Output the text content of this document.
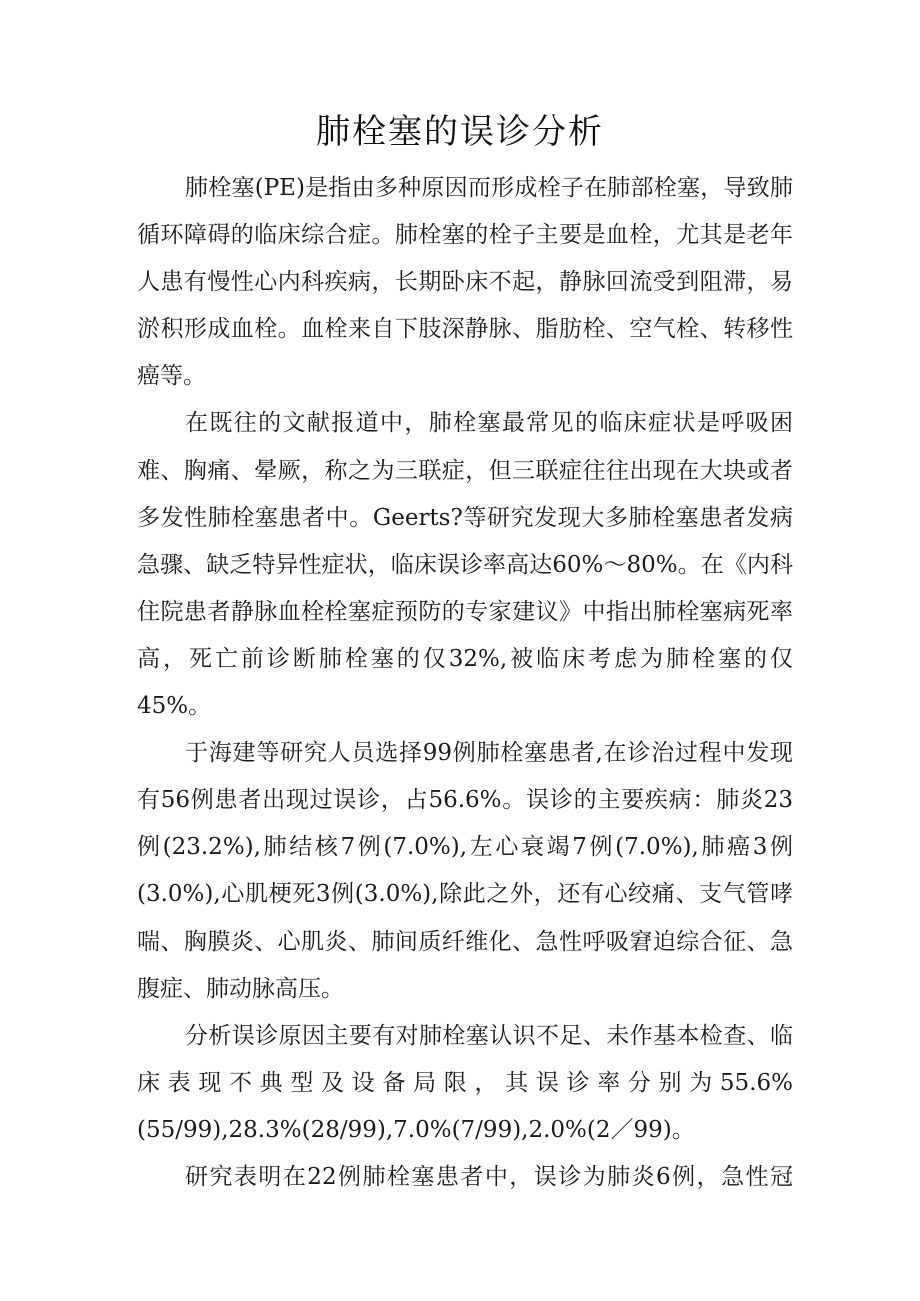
肺栓塞的误诊分析

肺栓塞(PE)是指由多种原因而形成栓子在肺部栓塞，导致肺循环障碍的临床综合症。肺栓塞的栓子主要是血栓，尤其是老年人患有慢性心内科疾病，长期卧床不起，静脉回流受到阻滞，易淤积形成血栓。血栓来自下肢深静脉、脂肪栓、空气栓、转移性癌等。

在既往的文献报道中，肺栓塞最常见的临床症状是呼吸困难、胸痛、晕厥，称之为三联症，但三联症往往出现在大块或者多发性肺栓塞患者中。Geerts?等研究发现大多肺栓塞患者发病急骤、缺乏特异性症状，临床误诊率高达60%～80%。在《内科住院患者静脉血栓栓塞症预防的专家建议》中指出肺栓塞病死率高，死亡前诊断肺栓塞的仅32%,被临床考虑为肺栓塞的仅45%。

于海建等研究人员选择99例肺栓塞患者,在诊治过程中发现有56例患者出现过误诊，占56.6%。误诊的主要疾病：肺炎23例(23.2%),肺结核7例(7.0%),左心衰竭7例(7.0%),肺癌3例(3.0%),心肌梗死3例(3.0%),除此之外，还有心绞痛、支气管哮喘、胸膜炎、心肌炎、肺间质纤维化、急性呼吸窘迫综合征、急腹症、肺动脉高压。

分析误诊原因主要有对肺栓塞认识不足、未作基本检查、临床表现不典型及设备局限，其误诊率分别为55.6%(55/99),28.3%(28/99),7.0%(7/99),2.0%(2／99)。

研究表明在22例肺栓塞患者中，误诊为肺炎6例，急性冠
